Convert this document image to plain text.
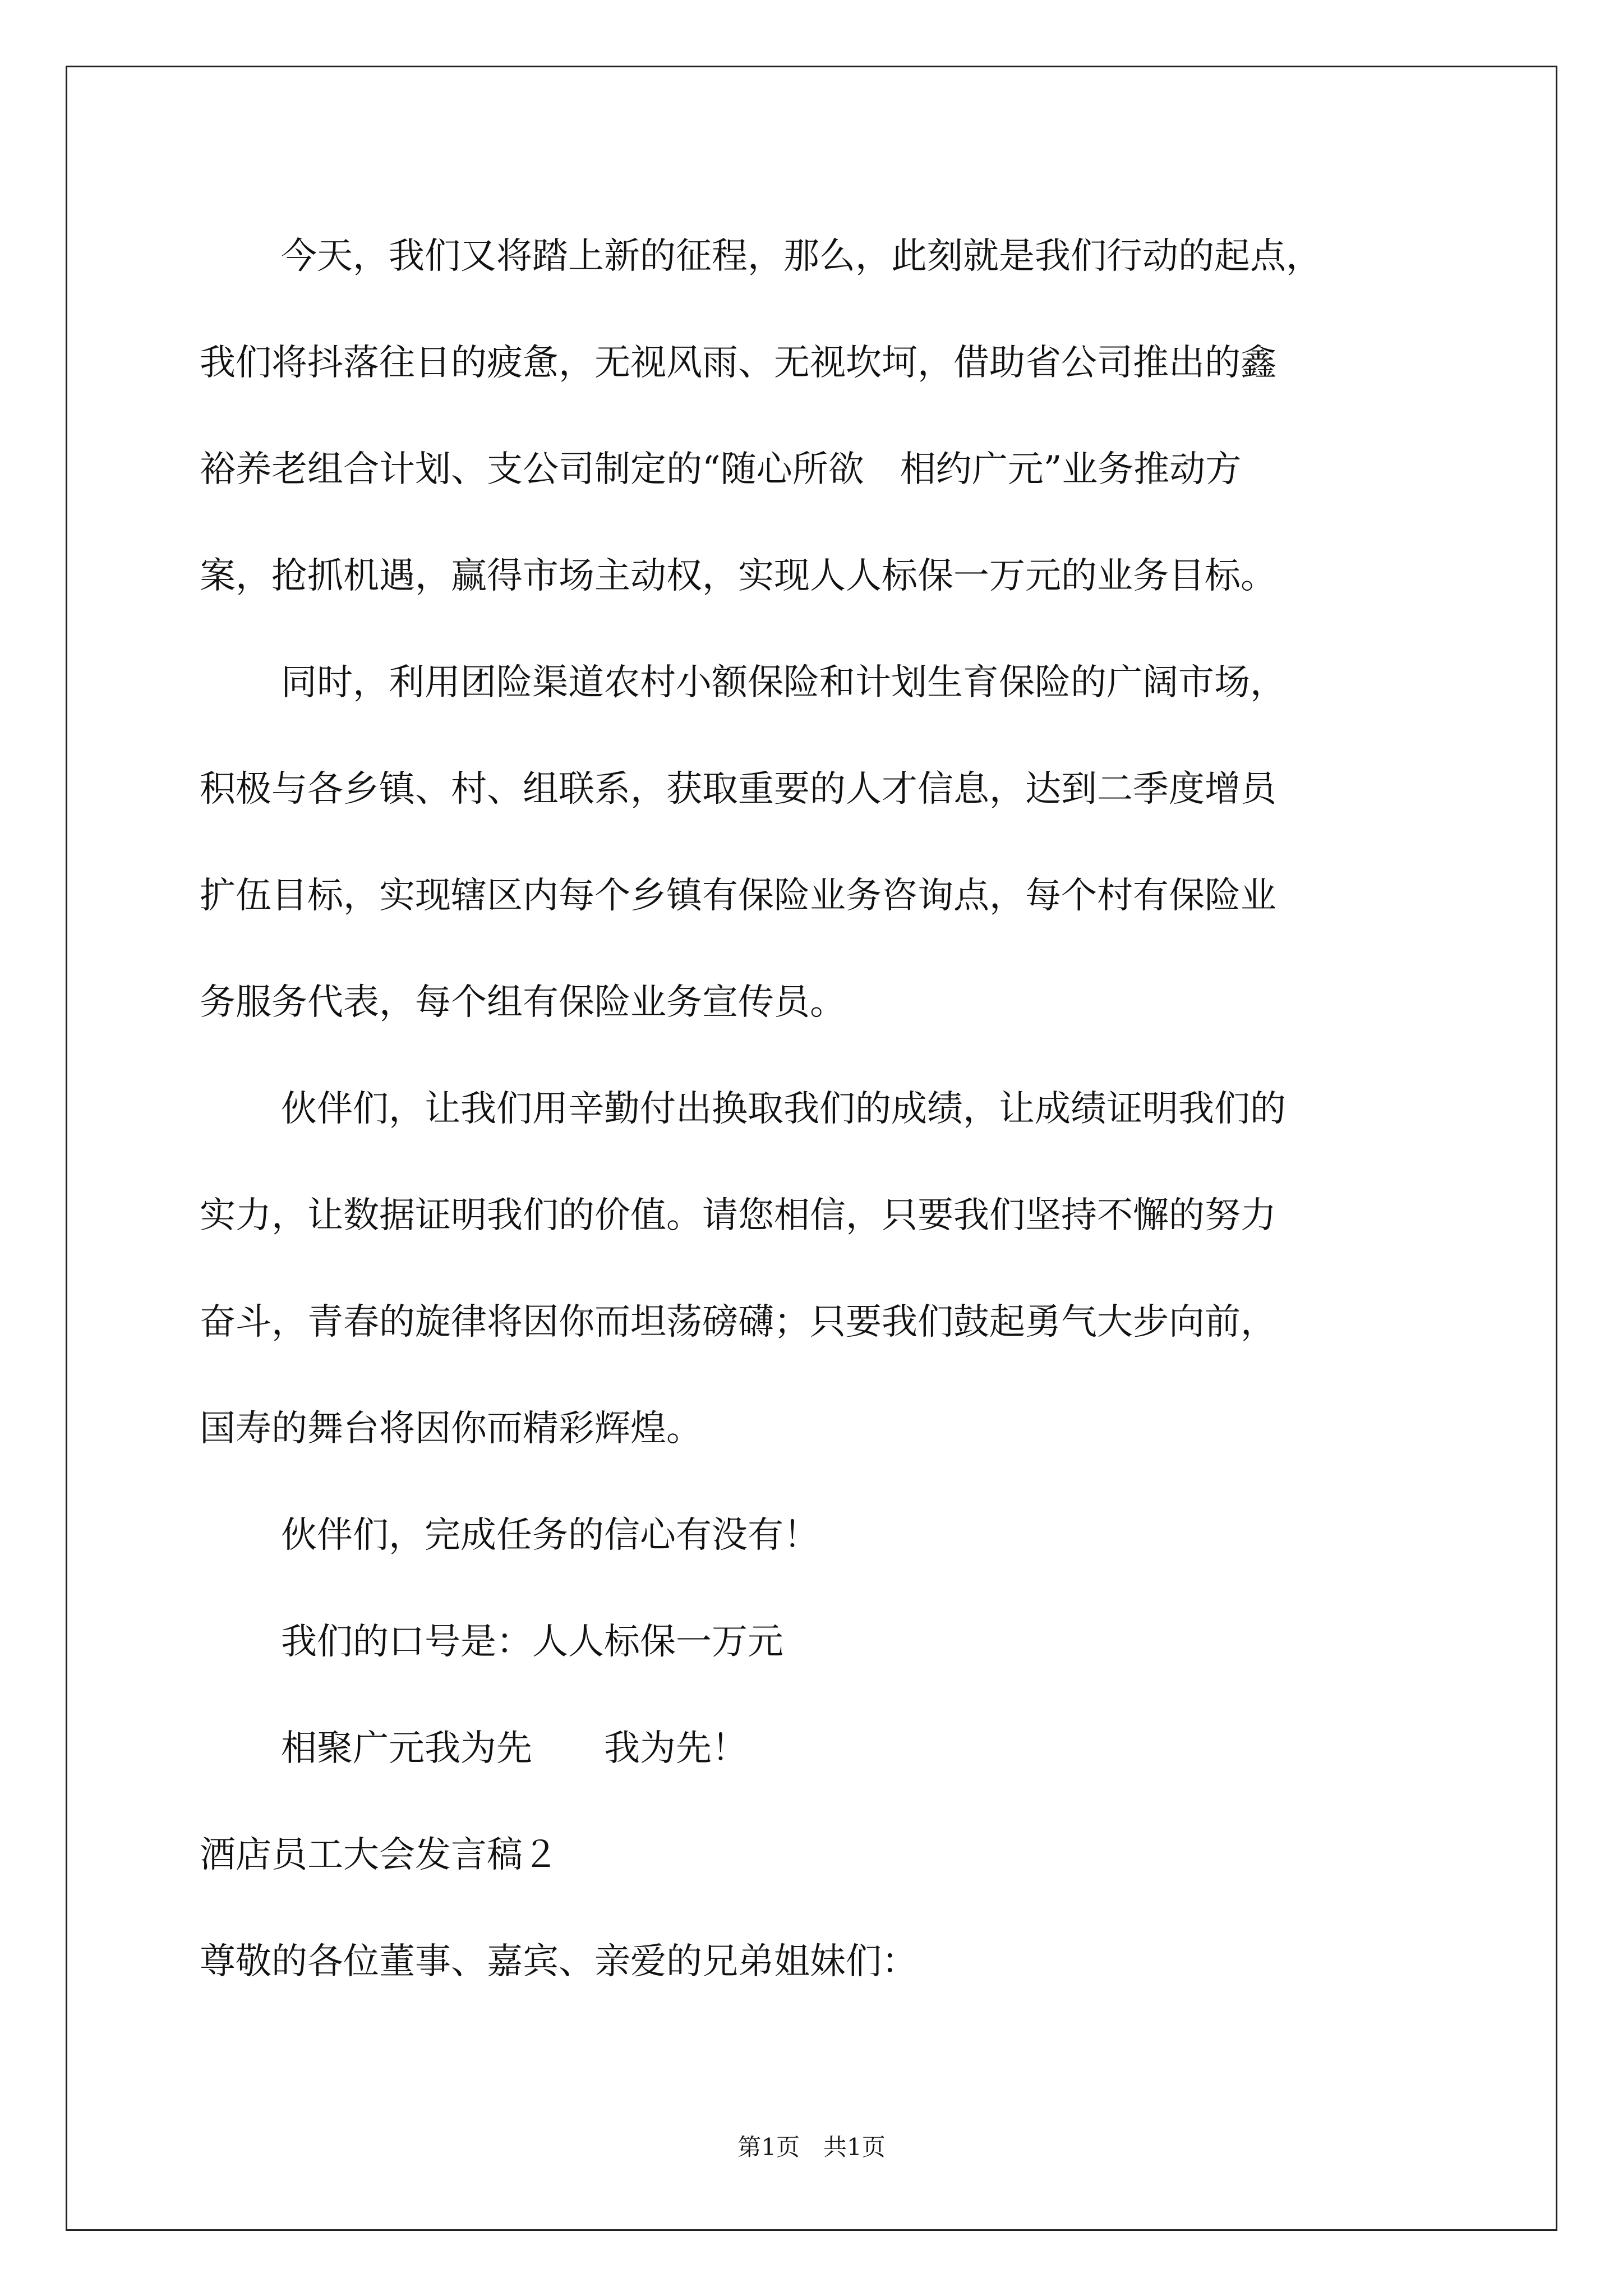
今天，我们又将踏上新的征程，那么，此刻就是我们行动的起点，
我们将抖落往日的疲惫，无视风雨、无视坎坷，借助省公司推出的鑫
裕养老组合计划、支公司制定的“随心所欲　相约广元”业务推动方
案，抢抓机遇，赢得市场主动权，实现人人标保一万元的业务目标。

同时，利用团险渠道农村小额保险和计划生育保险的广阔市场，
积极与各乡镇、村、组联系，获取重要的人才信息，达到二季度增员
扩伍目标，实现辖区内每个乡镇有保险业务咨询点，每个村有保险业
务服务代表，每个组有保险业务宣传员。

伙伴们，让我们用辛勤付出换取我们的成绩，让成绩证明我们的
实力，让数据证明我们的价值。请您相信，只要我们坚持不懈的努力
奋斗，青春的旋律将因你而坦荡磅礴；只要我们鼓起勇气大步向前，
国寿的舞台将因你而精彩辉煌。

伙伴们，完成任务的信心有没有！

我们的口号是：人人标保一万元

相聚广元我为先　　我为先！

酒店员工大会发言稿２

尊敬的各位董事、嘉宾、亲爱的兄弟姐妹们：

第1页　共1页
